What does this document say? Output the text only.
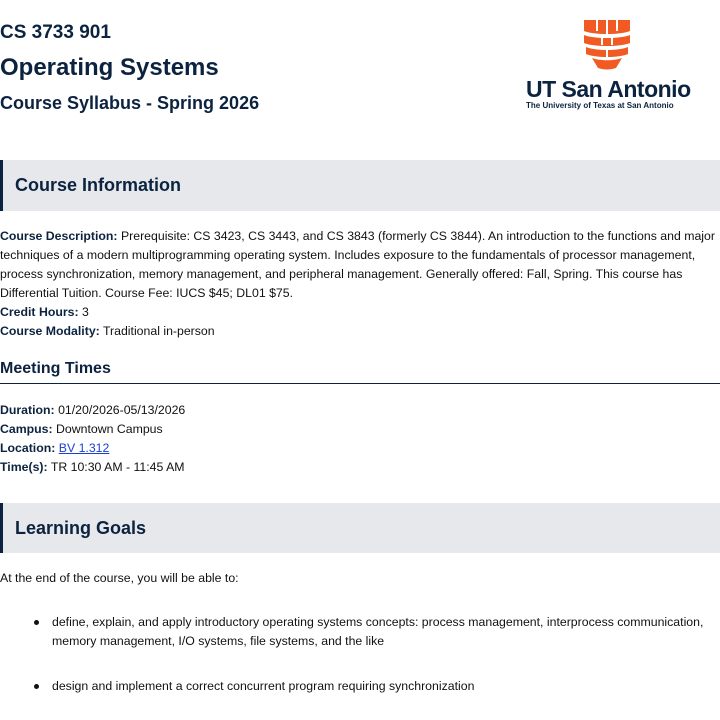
CS 3733 901
Operating Systems
Course Syllabus - Spring 2026
UT San Antonio
The University of Texas at San Antonio
Course Information

Course Description: Prerequisite: CS 3423, CS 3443, and CS 3843 (formerly CS 3844). An introduction to the functions and major techniques of a modern multiprogramming operating system. Includes exposure to the fundamentals of processor management, process synchronization, memory management, and peripheral management. Generally offered: Fall, Spring. This course has Differential Tuition. Course Fee: IUCS $45; DL01 $75.

Credit Hours: 3

Course Modality: Traditional in-person

Meeting Times

Duration: 01/20/2026-05/13/2026

Campus: Downtown Campus

Location: BV 1.312

Time(s): TR 10:30 AM - 11:45 AM

Learning Goals

At the end of the course, you will be able to:

define, explain, and apply introductory operating systems concepts: process management, interprocess communication, memory management, I/O systems, file systems, and the like

design and implement a correct concurrent program requiring synchronization
